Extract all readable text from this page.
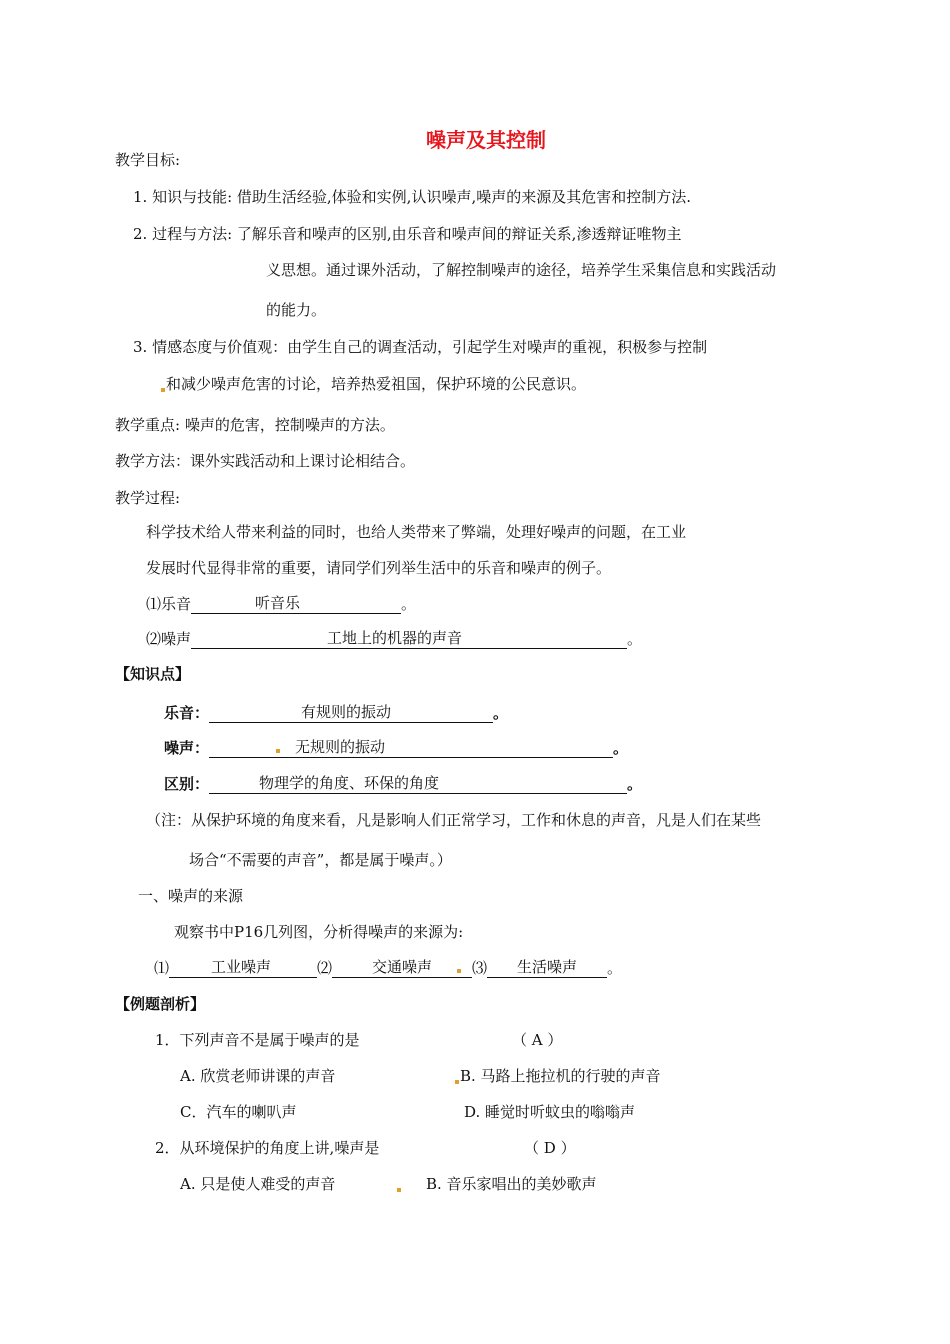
噪声及其控制
教学目标:
1. 知识与技能: 借助生活经验,体验和实例,认识噪声,噪声的来源及其危害和控制方法.
2. 过程与方法: 了解乐音和噪声的区别,由乐音和噪声间的辩证关系,渗透辩证唯物主
义思想。通过课外活动，了解控制噪声的途径，培养学生采集信息和实践活动
的能力。
3. 情感态度与价值观：由学生自己的调查活动，引起学生对噪声的重视，积极参与控制
和减少噪声危害的讨论，培养热爱祖国，保护环境的公民意识。
教学重点: 噪声的危害，控制噪声的方法。
教学方法：课外实践活动和上课讨论相结合。
教学过程:
科学技术给人带来利益的同时，也给人类带来了弊端，处理好噪声的问题，在工业
发展时代显得非常的重要，请同学们列举生活中的乐音和噪声的例子。
⑴乐音	听音乐	。
⑵噪声	工地上的机器的声音	。
【知识点】
乐音：	有规则的振动	。
噪声：	无规则的振动	。
区别：	物理学的角度、环保的角度	。
（注：从保护环境的角度来看，凡是影响人们正常学习，工作和休息的声音，凡是人们在某些
场合“不需要的声音”，都是属于噪声。）
一、噪声的来源
观察书中P16几列图，分析得噪声的来源为:
⑴	工业噪声	⑵	交通噪声	⑶ 生活噪声 。
【例题剖析】
1．下列声音不是属于噪声的是	（ A ）
A. 欣赏老师讲课的声音	B. 马路上拖拉机的行驶的声音
C．汽车的喇叭声	D. 睡觉时听蚊虫的嗡嗡声
2．从环境保护的角度上讲,噪声是	（ D ）
A. 只是使人难受的声音	B. 音乐家唱出的美妙歌声
